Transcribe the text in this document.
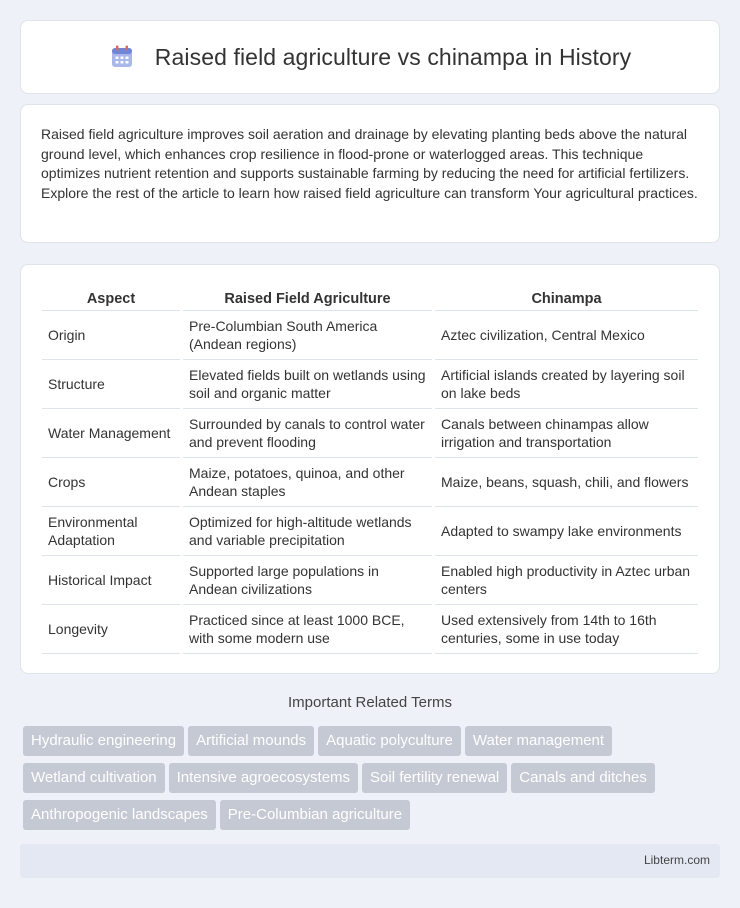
Raised field agriculture vs chinampa in History

Raised field agriculture improves soil aeration and drainage by elevating planting beds above the natural ground level, which enhances crop resilience in flood-prone or waterlogged areas. This technique optimizes nutrient retention and supports sustainable farming by reducing the need for artificial fertilizers. Explore the rest of the article to learn how raised field agriculture can transform Your agricultural practices.

Aspect	Raised Field Agriculture	Chinampa
Origin	Pre-Columbian South America (Andean regions)	Aztec civilization, Central Mexico
Structure	Elevated fields built on wetlands using soil and organic matter	Artificial islands created by layering soil on lake beds
Water Management	Surrounded by canals to control water and prevent flooding	Canals between chinampas allow irrigation and transportation
Crops	Maize, potatoes, quinoa, and other Andean staples	Maize, beans, squash, chili, and flowers
Environmental Adaptation	Optimized for high-altitude wetlands and variable precipitation	Adapted to swampy lake environments
Historical Impact	Supported large populations in Andean civilizations	Enabled high productivity in Aztec urban centers
Longevity	Practiced since at least 1000 BCE, with some modern use	Used extensively from 14th to 16th centuries, some in use today
Important Related Terms
Hydraulic engineering Artificial mounds Aquatic polyculture Water management
Wetland cultivation Intensive agroecosystems Soil fertility renewal Canals and ditches
Anthropogenic landscapes Pre-Columbian agriculture
Libterm.com
